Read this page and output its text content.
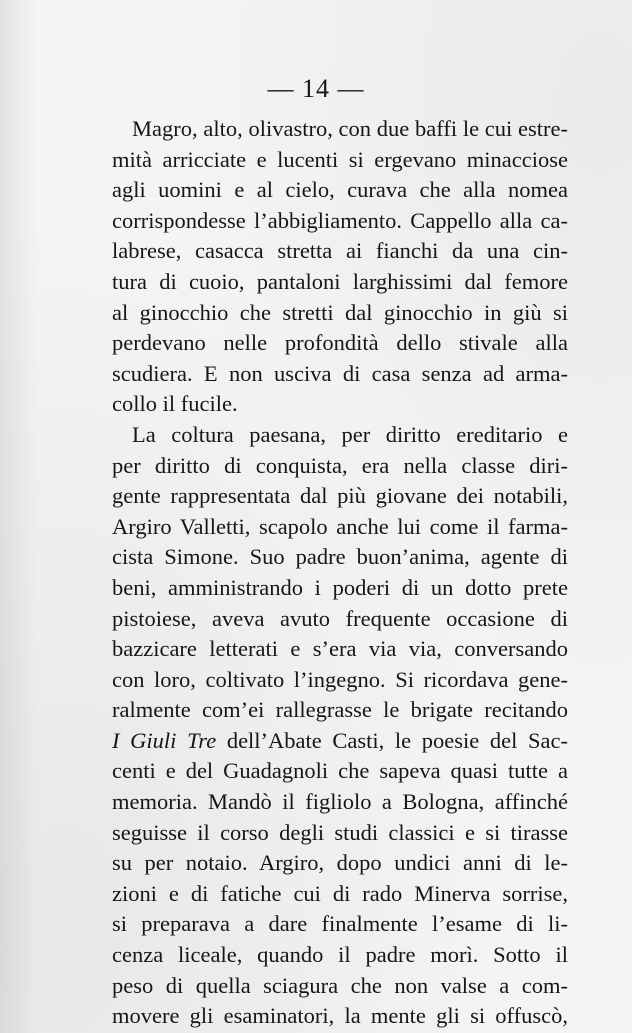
— 14 —
Magro, alto, olivastro, con due baffi le cui estre-
mità arricciate e lucenti si ergevano minacciose
agli uomini e al cielo, curava che alla nomea
corrispondesse l’abbigliamento. Cappello alla ca-
labrese, casacca stretta ai fianchi da una cin-
tura di cuoio, pantaloni larghissimi dal femore
al ginocchio che stretti dal ginocchio in giù si
perdevano nelle profondità dello stivale alla
scudiera. E non usciva di casa senza ad arma-
collo il fucile.
La coltura paesana, per diritto ereditario e
per diritto di conquista, era nella classe diri-
gente rappresentata dal più giovane dei notabili,
Argiro Valletti, scapolo anche lui come il farma-
cista Simone. Suo padre buon’anima, agente di
beni, amministrando i poderi di un dotto prete
pistoiese, aveva avuto frequente occasione di
bazzicare letterati e s’era via via, conversando
con loro, coltivato l’ingegno. Si ricordava gene-
ralmente com’ei rallegrasse le brigate recitando
I Giuli Tre dell’Abate Casti, le poesie del Sac-
centi e del Guadagnoli che sapeva quasi tutte a
memoria. Mandò il figliolo a Bologna, affinché
seguisse il corso degli studi classici e si tirasse
su per notaio. Argiro, dopo undici anni di le-
zioni e di fatiche cui di rado Minerva sorrise,
si preparava a dare finalmente l’esame di li-
cenza liceale, quando il padre morì. Sotto il
peso di quella sciagura che non valse a com-
movere gli esaminatori, la mente gli si offuscò,
